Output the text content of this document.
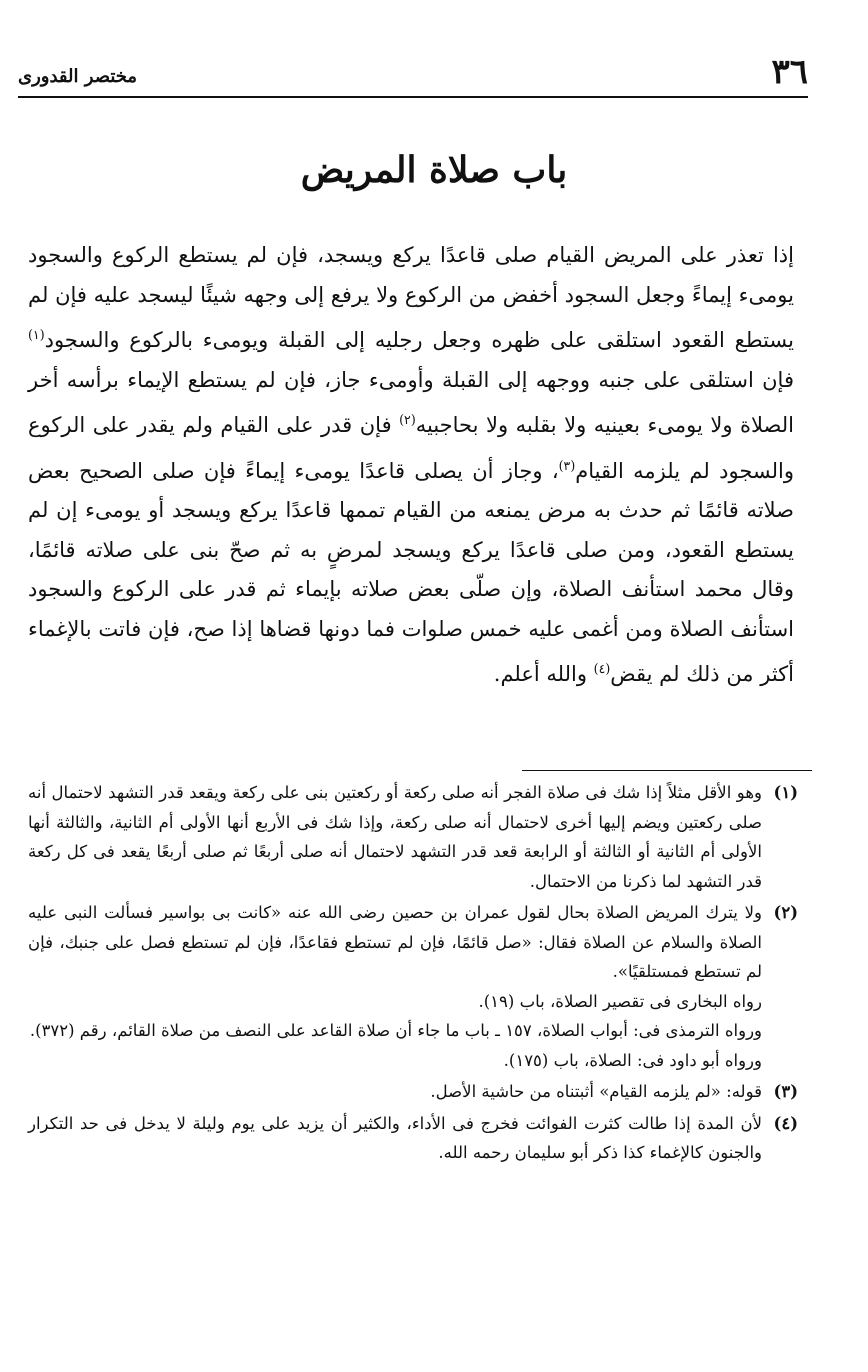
٣٦
مختصر القدورى
باب صلاة المريض

إذا تعذر على المريض القيام صلى قاعدًا يركع ويسجد، فإن لم يستطع الركوع والسجود يومىء إيماءً وجعل السجود أخفض من الركوع ولا يرفع إلى وجهه شيئًا ليسجد عليه فإن لم يستطع القعود استلقى على ظهره وجعل رجليه إلى القبلة ويومىء بالركوع والسجود$^{(١)}$ فإن استلقى على جنبه ووجهه إلى القبلة وأومىء جاز، فإن لم يستطع الإيماء برأسه أخر الصلاة ولا يومىء بعينيه ولا بقلبه ولا بحاجبيه$^{(٢)}$ فإن قدر على القيام ولم يقدر على الركوع والسجود لم يلزمه القيام$^{(٣)}$، وجاز أن يصلى قاعدًا يومىء إيماءً فإن صلى الصحيح بعض صلاته قائمًا ثم حدث به مرض يمنعه من القيام تممها قاعدًا يركع ويسجد أو يومىء إن لم يستطع القعود، ومن صلى قاعدًا يركع ويسجد لمرضٍ به ثم صحّ بنى على صلاته قائمًا، وقال محمد استأنف الصلاة، وإن صلّى بعض صلاته بإيماء ثم قدر على الركوع والسجود استأنف الصلاة ومن أغمى عليه خمس صلوات فما دونها قضاها إذا صح، فإن فاتت بالإغماء أكثر من ذلك لم يقض$^{(٤)}$ والله أعلم.

(١)

وهو الأقل مثلاً إذا شك فى صلاة الفجر أنه صلى ركعة أو ركعتين بنى على ركعة ويقعد قدر التشهد لاحتمال أنه صلى ركعتين ويضم إليها أخرى لاحتمال أنه صلى ركعة، وإذا شك فى الأربع أنها الأولى أم الثانية، والثالثة أنها الأولى أم الثانية أو الثالثة أو الرابعة قعد قدر التشهد لاحتمال أنه صلى أربعًا ثم صلى أربعًا يقعد فى كل ركعة قدر التشهد لما ذكرنا من الاحتمال.

(٢)

ولا يترك المريض الصلاة بحال لقول عمران بن حصين رضى الله عنه «كانت بى بواسير فسألت النبى عليه الصلاة والسلام عن الصلاة فقال: «صل قائمًا، فإن لم تستطع فقاعدًا، فإن لم تستطع فصل على جنبك، فإن لم تستطع فمستلقيًا».

رواه البخارى فى تقصير الصلاة، باب (١٩).

ورواه الترمذى فى: أبواب الصلاة، ١٥٧ ـ باب ما جاء أن صلاة القاعد على النصف من صلاة القائم، رقم (٣٧٢).

ورواه أبو داود فى: الصلاة، باب (١٧٥).

(٣)

قوله: «لم يلزمه القيام» أثبتناه من حاشية الأصل.

(٤)

لأن المدة إذا طالت كثرت الفوائت فخرج فى الأداء، والكثير أن يزيد على يوم وليلة لا يدخل فى حد التكرار والجنون كالإغماء كذا ذكر أبو سليمان رحمه الله.
